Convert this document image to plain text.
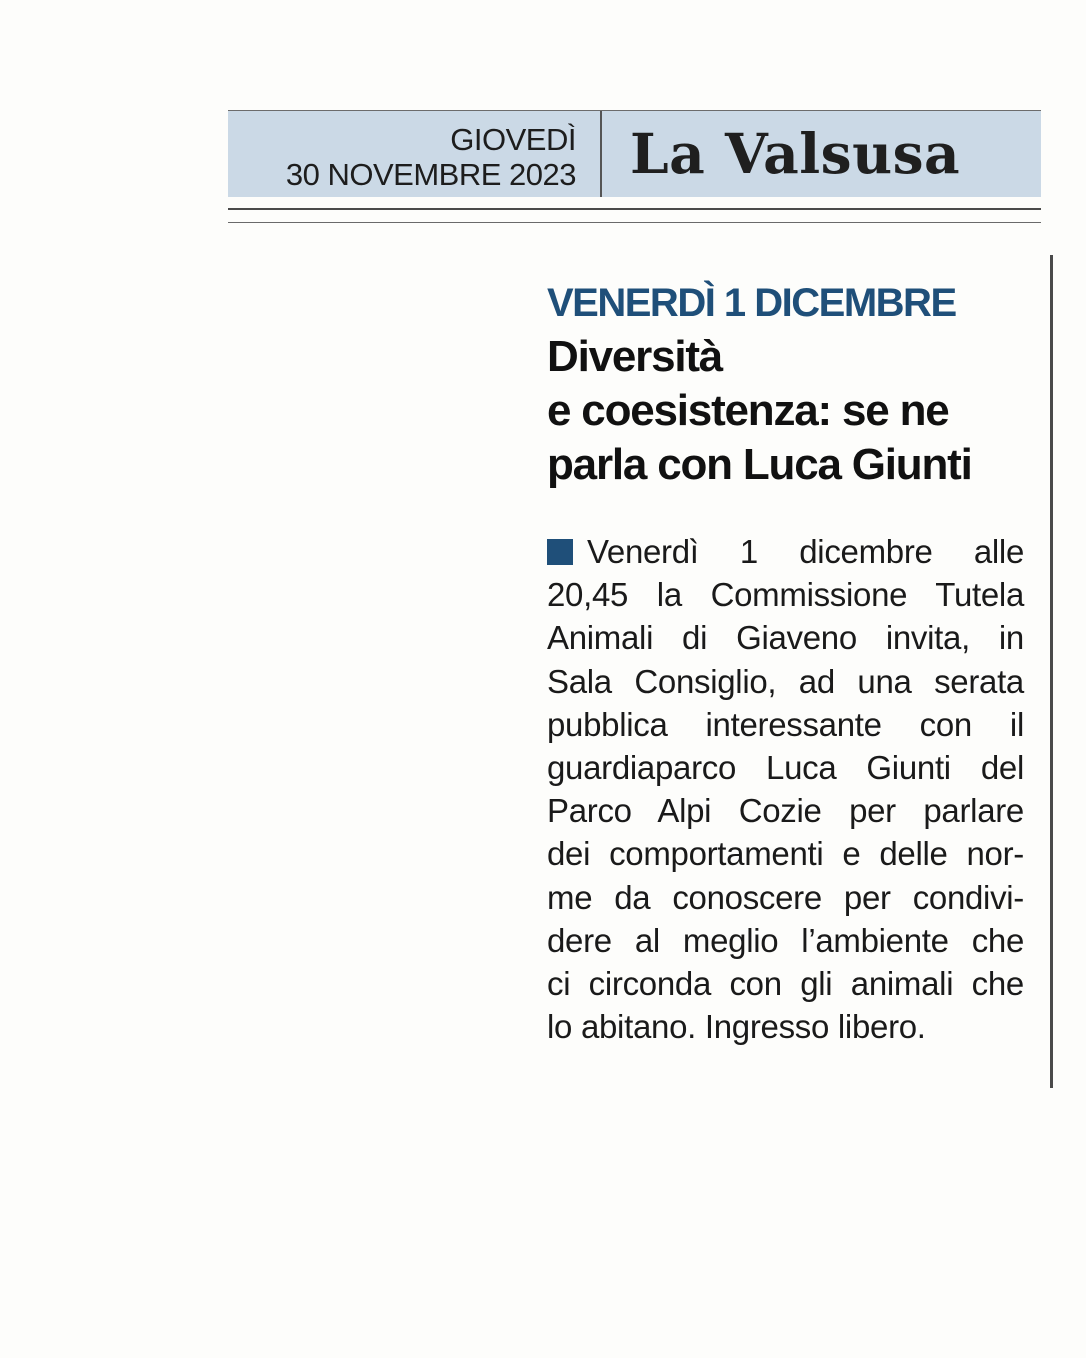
GIOVEDÌ
30 NOVEMBRE 2023 La Valsusa
VENERDÌ 1 DICEMBRE
Diversità
e coesistenza: se ne
parla con Luca Giunti
Venerdì 1 dicembre alle
20,45 la Commissione Tutela
Animali di Giaveno invita, in
Sala Consiglio, ad una serata
pubblica interessante con il
guardiaparco Luca Giunti del
Parco Alpi Cozie per parlare
dei comportamenti e delle nor-
me da conoscere per condivi-
dere al meglio l’ambiente che
ci circonda con gli animali che
lo abitano. Ingresso libero.
